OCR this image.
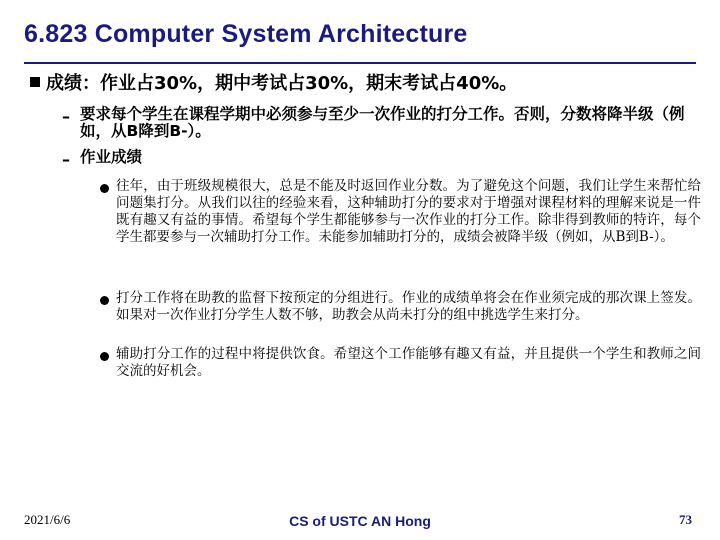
6.823 Computer System Architecture
成绩：作业占30%，期中考试占30%，期末考试占40%。
– 要求每个学生在课程学期中必须参与至少一次作业的打分工作。否则，分数将降半级（例如，从B降到B-）。
– 作业成绩
往年，由于班级规模很大，总是不能及时返回作业分数。为了避免这个问题，我们让学生来帮忙给问题集打分。从我们以往的经验来看，这种辅助打分的要求对于增强对课程材料的理解来说是一件既有趣又有益的事情。希望每个学生都能够参与一次作业的打分工作。除非得到教师的特许，每个学生都要参与一次辅助打分工作。未能参加辅助打分的，成绩会被降半级（例如，从B到B-）。
打分工作将在助教的监督下按预定的分组进行。作业的成绩单将会在作业须完成的那次课上签发。如果对一次作业打分学生人数不够，助教会从尚未打分的组中挑选学生来打分。
辅助打分工作的过程中将提供饮食。希望这个工作能够有趣又有益，并且提供一个学生和教师之间交流的好机会。
2021/6/6	CS of USTC AN Hong	73
